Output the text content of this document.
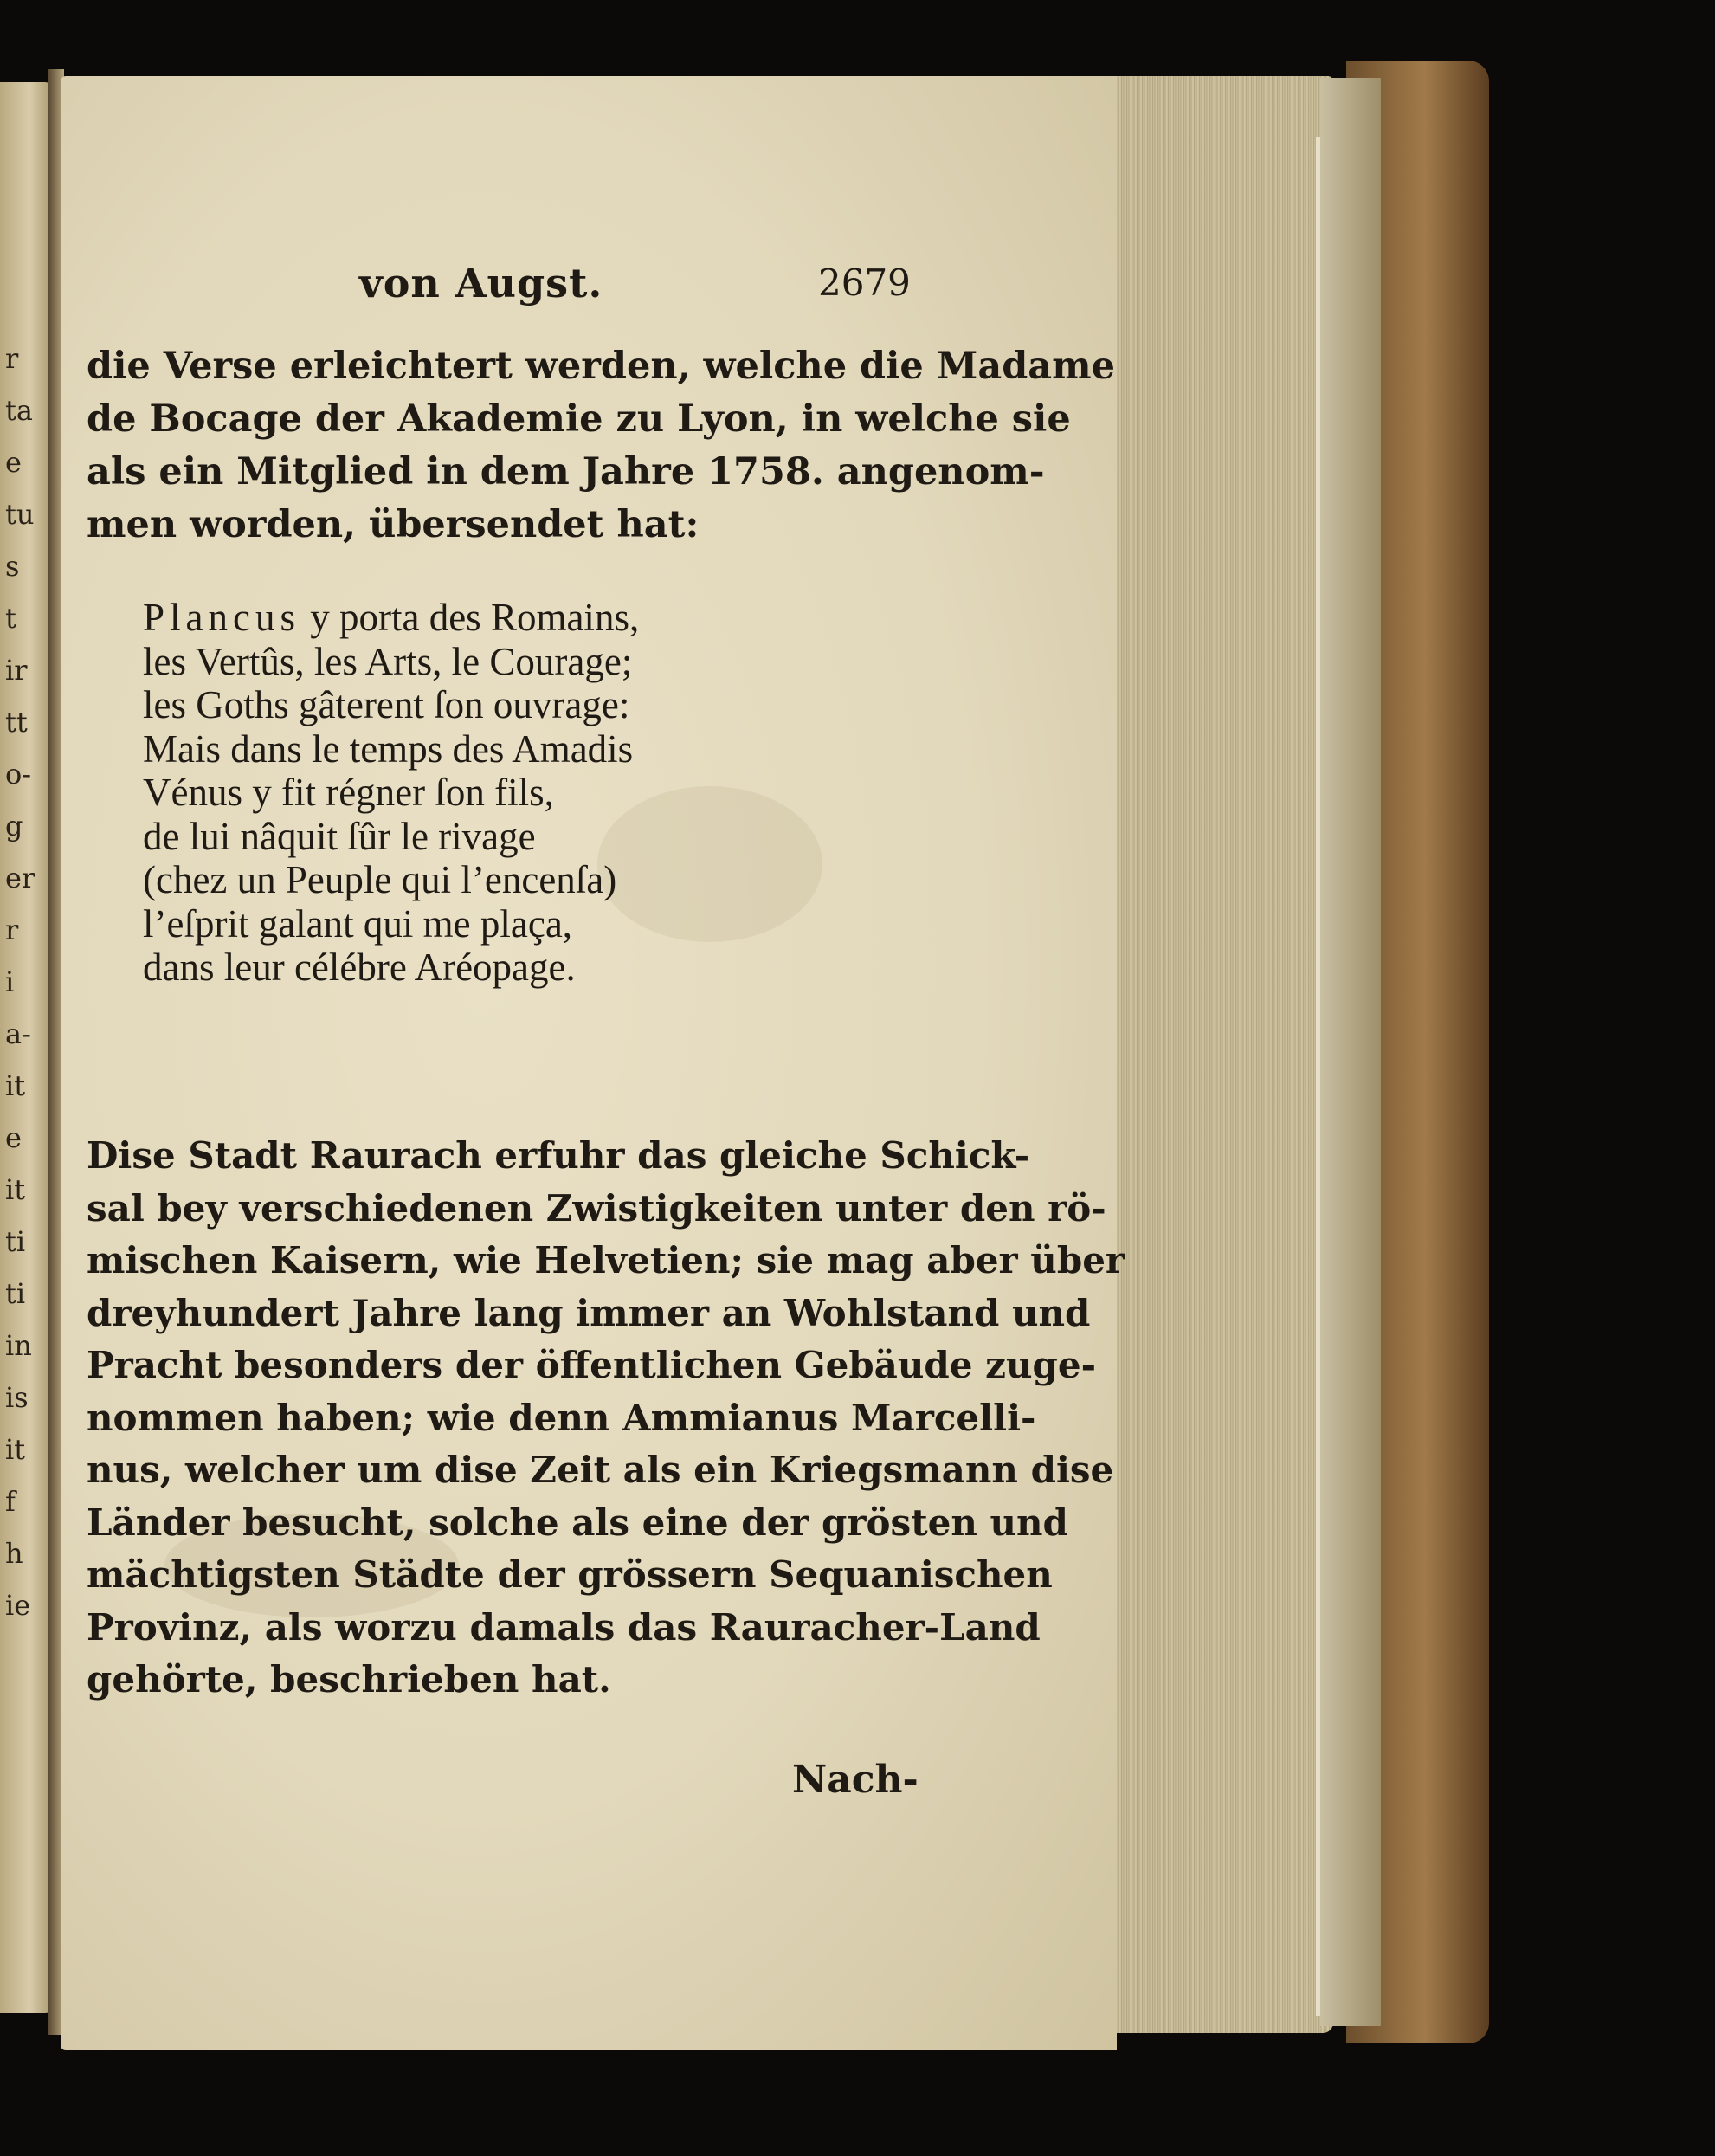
von Augst.	2679
die Verse erleichtert werden, welche die Madame
de Bocage der Akademie zu Lyon, in welche sie
als ein Mitglied in dem Jahre 1758. angenom-
men worden, übersendet hat:
Plancus y porta des Romains,
les Vertûs, les Arts, le Courage;
les Goths gâterent ſon ouvrage:
Mais dans le temps des Amadis
Vénus y fit régner ſon fils,
de lui nâquit ſûr le rivage
(chez un Peuple qui l’encenſa)
l’eſprit galant qui me plaça,
dans leur célébre Aréopage.
Dise Stadt Raurach erfuhr das gleiche Schick-
sal bey verschiedenen Zwistigkeiten unter den rö-
mischen Kaisern, wie Helvetien; sie mag aber über
dreyhundert Jahre lang immer an Wohlstand und
Pracht besonders der öffentlichen Gebäude zuge-
nommen haben; wie denn Ammianus Marcelli-
nus, welcher um dise Zeit als ein Kriegsmann dise
Länder besucht, solche als eine der grösten und
mächtigsten Städte der grössern Sequanischen
Provinz, als worzu damals das Rauracher-Land
gehörte, beschrieben hat.
Nach-
r
ta
e
tu
s
t
ir
tt
o-
g
er
r
i
a-
it
e
it
ti
ti
in
is
it
f
h
ie
